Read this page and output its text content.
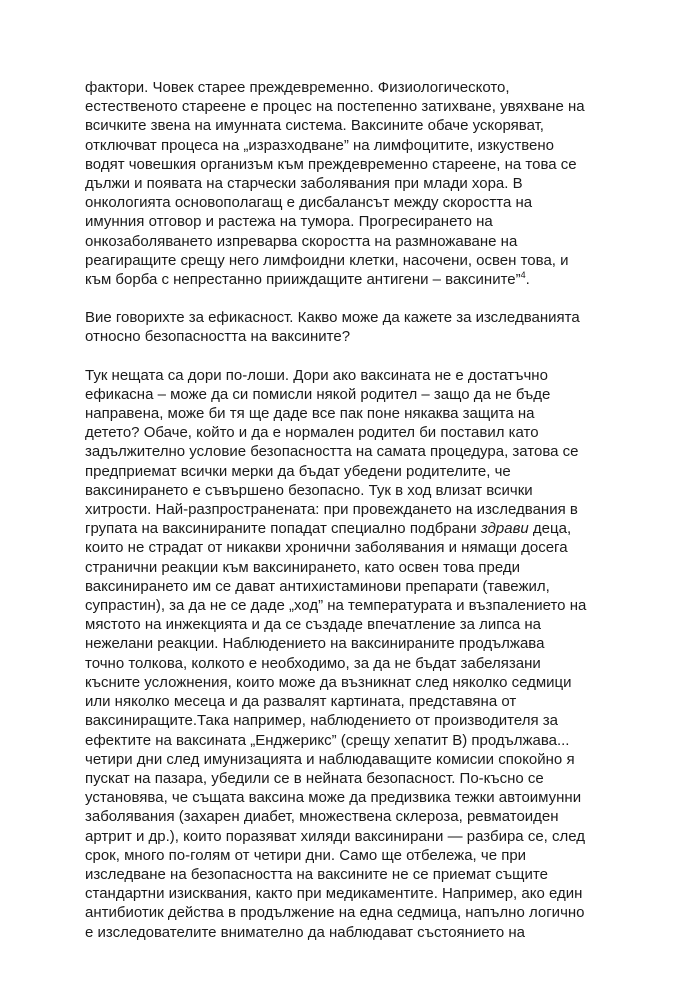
фактори. Човек старее преждевременно. Физиологическото,
естественото стареене е процес на постепенно затихване, увяхване на
всичките звена на имунната система. Ваксините обаче ускоряват,
отключват процеса на „изразходване” на лимфоцитите, изкуствено
водят човешкия организъм към преждевременно стареене, на това се
дължи и появата на старчески заболявания при млади хора. В
онкологията основополагащ е дисбалансът между скоростта на
имунния отговор и растежа на тумора. Прогресирането на
онкозаболяването изпреварва скоростта на размножаване на
реагиращите срещу него лимфоидни клетки, насочени, освен това, и
към борба с непрестанно прииждащите антигени – ваксините”$^4$.

Вие говорихте за ефикасност. Какво може да кажете за изследванията
относно безопасността на ваксините?

Тук нещата са дори по-лоши. Дори ако ваксината не е достатъчно
ефикасна – може да си помисли някой родител – защо да не бъде
направена, може би тя ще даде все пак поне някаква защита на
детето? Обаче, който и да е нормален родител би поставил като
задължително условие безопасността на самата процедура, затова се
предприемат всички мерки да бъдат убедени родителите, че
ваксинирането е съвършено безопасно. Тук в ход влизат всички
хитрости. Най-разпространената: при провеждането на изследвания в
групата на ваксинираните попадат специално подбрани здрави деца,
които не страдат от никакви хронични заболявания и нямащи досега
странични реакции към ваксинирането, като освен това преди
ваксинирането им се дават антихистаминови препарати (тавежил,
супрастин), за да не се даде „ход” на температурата и възпалението на
мястото на инжекцията и да се създаде впечатление за липса на
нежелани реакции. Наблюдението на ваксинираните продължава
точно толкова, колкото е необходимо, за да не бъдат забелязани
късните усложнения, които може да възникнат след няколко седмици
или няколко месеца и да развалят картината, представяна от
ваксиниращите.Така например, наблюдението от производителя за
ефектите на ваксината „Енджерикс” (срещу хепатит В) продължава...
четири дни след имунизацията и наблюдаващите комисии спокойно я
пускат на пазара, убедили се в нейната безопасност. По-късно се
установява, че същата ваксина може да предизвика тежки автоимунни
заболявания (захарен диабет, множествена склероза, ревматоиден
артрит и др.), които поразяват хиляди ваксинирани — разбира се, след
срок, много по-голям от четири дни. Само ще отбележа, че при
изследване на безопасността на ваксините не се приемат същите
стандартни изисквания, както при медикаментите. Например, ако един
антибиотик действа в продължение на една седмица, напълно логично
е изследователите внимателно да наблюдават състоянието на
